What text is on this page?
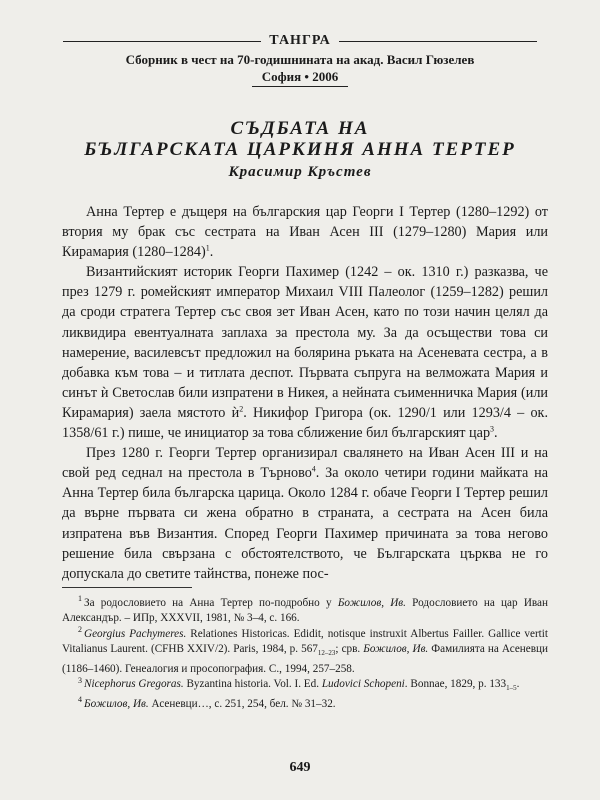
ТАНГРА
Сборник в чест на 70-годишнината на акад. Васил Гюзелев
София • 2006
СЪДБАТА НА
БЪЛГАРСКАТА ЦАРКИНЯ АННА ТЕРТЕР
Красимир Кръстев

Анна Тертер е дъщеря на българския цар Георги I Тертер (1280–1292) от втория му брак със сестрата на Иван Асен III (1279–1280) Мария или Кирамария (1280–1284)$^1$.

Византийският историк Георги Пахимер (1242 – ок. 1310 г.) разказва, че през 1279 г. ромейският император Михаил VIII Палеолог (1259–1282) решил да сроди стратега Тертер със своя зет Иван Асен, като по този начин целял да ликвидира евентуалната заплаха за престола му. За да осъществи това си намерение, василевсът предложил на болярина ръката на Асеневата сестра, а в добавка към това – и титлата деспот. Първата съпруга на велможата Мария и синът ѝ Светослав били изпратени в Никея, а нейната съименничка Мария (или Кирамария) заела мястото $ѝ^2$. Никифор Григора (ок. 1290/1 или 1293/4 – ок. 1358/61 г.) пише, че инициатор за това сближение бил българският цар$^3$.

През 1280 г. Георги Тертер организирал свалянето на Иван Асен III и на свой ред седнал на престола в Търново$^4$. За около четири години майката на Анна Тертер била българска царица. Около 1284 г. обаче Георги I Тертер решил да върне първата си жена обратно в страната, а сестрата на Асен била изпратена във Византия. Според Георги Пахимер причината за това негово решение била свързана с обстоятелството, че Българската църква не го допускала до светите тайнства, понеже пос-

$^1$ За родословието на Анна Тертер по-подробно у Божилов, Ив. Родословието на цар Иван Александър. – ИПр, XXXVII, 1981, № 3–4, с. 166.

$^2$ Georgius Pachymeres. Relationes Historicas. Edidit, notisque instruxit Albertus Failler. Gallice vertit Vitalianus Laurent. (CFHB XXIV/2). Paris, 1984, p. $567_{12-23}$; срв. Божилов, Ив. Фамилията на Асеневци (1186–1460). Генеалогия и просопография. С., 1994, 257–258.

$^3$ Nicephorus Gregoras. Byzantina historia. Vol. I. Ed. Ludovici Schopeni. Bonnae, 1829, p. $133_{1-5}$.

$^4$ Божилов, Ив. Асеневци…, с. 251, 254, бел. № 31–32.

649
